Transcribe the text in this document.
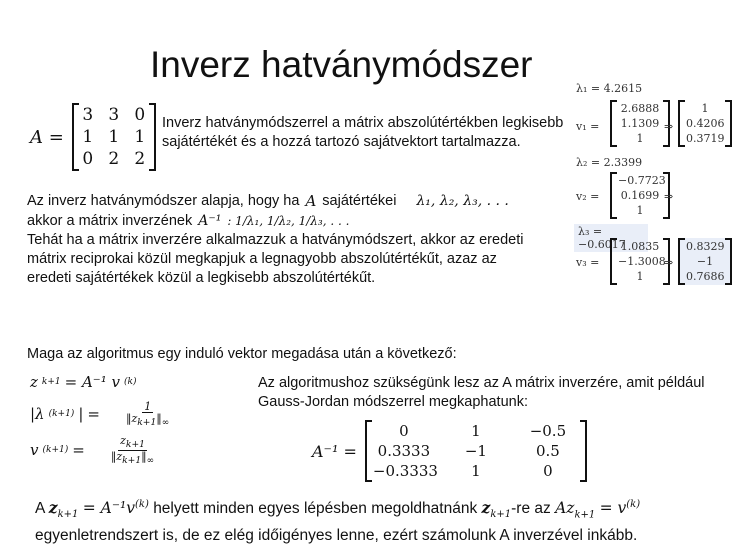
Inverz hatványmódszer
A =
3 3 0
1 1 1
0 2 2
Inverz hatványmódszerrel a mátrix abszolútértékben legkisebb sajátértékét és a hozzá tartozó sajátvektort tartalmazza.
λ₁ = 4.2615
v₁ =
2.6888
1.1309
1
⇒
1
0.4206
0.3719
λ₂ = 2.3399
v₂ =
−0.7723
0.1699
1
⇒
λ₃ = −0.6017
v₃ =
1.0835
−1.3008
1
⇒
0.8329
−1
0.7686
Az inverz hatványmódszer alapja, hogy ha A sajátértékei λ₁, λ₂, λ₃, . . .
akkor a mátrix inverzének A⁻¹ : 1/λ₁, 1/λ₂, 1/λ₃, . . .
Tehát ha a mátrix inverzére alkalmazzuk a hatványmódszert, akkor az eredeti mátrix reciprokai közül megkapjuk a legnagyobb abszolútértékűt, azaz az eredeti sajátértékek közül a legkisebb abszolútértékűt.
Maga az algoritmus egy induló vektor megadása után a következő:
z k+1 = A⁻¹ v (k)
|λ (k+1) | = $\frac{1}{‖z_{k+1}‖_\infty}$
v $(k+1) = \frac{z_{k+1}}{‖z_{k+1}‖_\infty}$
Az algoritmushoz szükségünk lesz az A mátrix inverzére, amit például Gauss-Jordan módszerrel megkaphatunk:
A⁻¹ =
0	1	−0.5
0.3333	−1	0.5
−0.3333	1	0
A $z_{k+1} = A^{-1}v^{(k)}$ helyett minden egyes lépésben megoldhatnánk $z_{k+1}-re$ az $Az_{k+1} = v^{(k)}$
egyenletrendszert is, de ez elég időigényes lenne, ezért számolunk A inverzével inkább.
